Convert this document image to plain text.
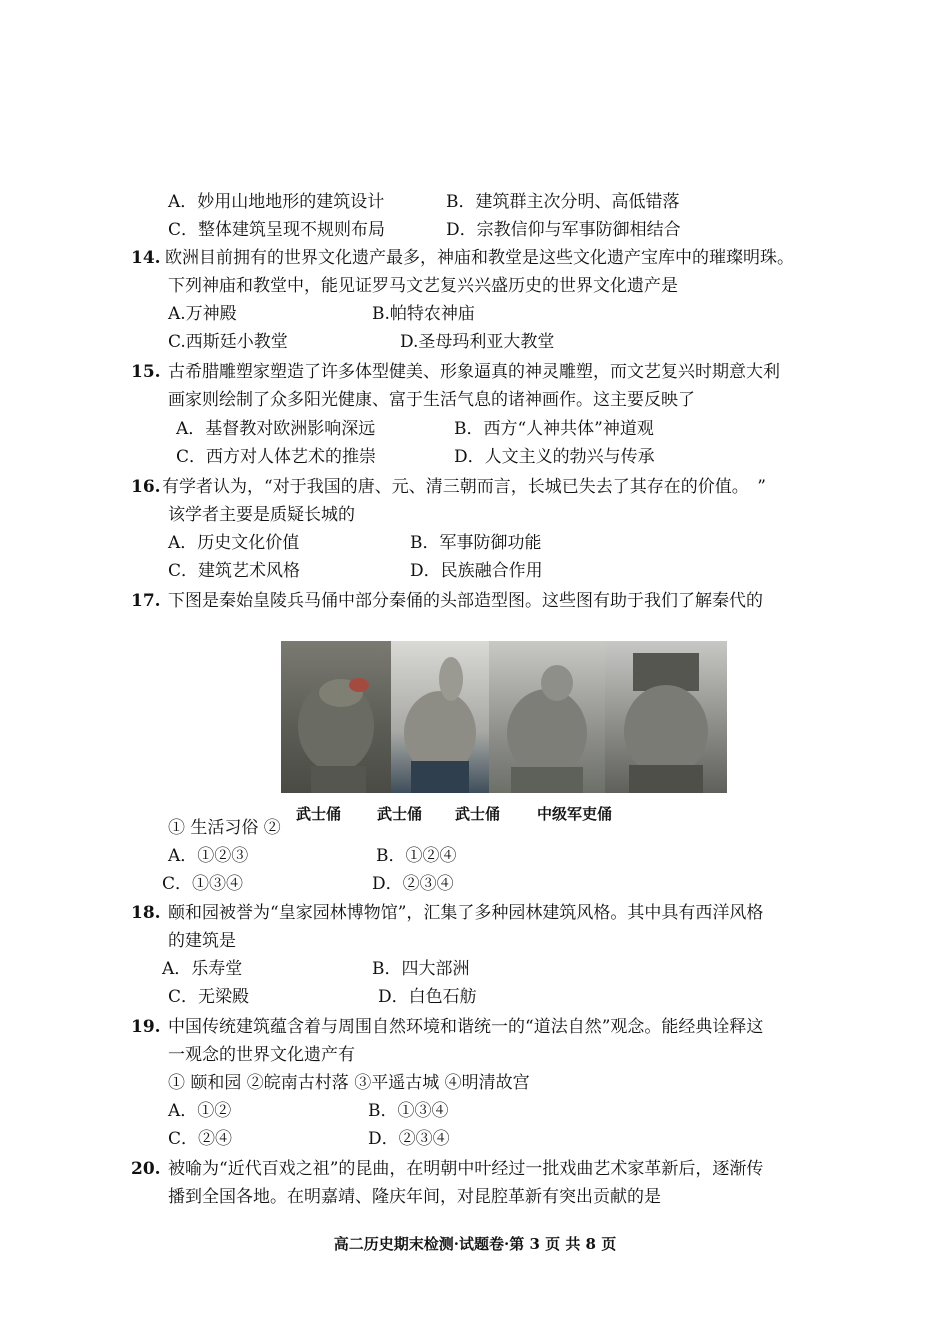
A．妙用山地地形的建筑设计	B．建筑群主次分明、高低错落
C．整体建筑呈现不规则布局	D．宗教信仰与军事防御相结合
14. 欧洲目前拥有的世界文化遗产最多，神庙和教堂是这些文化遗产宝库中的璀璨明珠。
下列神庙和教堂中，能见证罗马文艺复兴兴盛历史的世界文化遗产是
A.万神殿	B.帕特农神庙
C.西斯廷小教堂	D.圣母玛利亚大教堂
15. 古希腊雕塑家塑造了许多体型健美、形象逼真的神灵雕塑，而文艺复兴时期意大利
画家则绘制了众多阳光健康、富于生活气息的诸神画作。这主要反映了
A．基督教对欧洲影响深远	B．西方“人神共体”神道观
C．西方对人体艺术的推崇	D．人文主义的勃兴与传承
16. 有学者认为，“对于我国的唐、元、清三朝而言，长城已失去了其存在的价值。　”
该学者主要是质疑长城的
A．历史文化价值	B．军事防御功能
C．建筑艺术风格	D．民族融合作用
17. 下图是秦始皇陵兵马俑中部分秦俑的头部造型图。这些图有助于我们了解秦代的
① 生活习俗 ②
A．①②③	B．①②④
C．①③④	D．②③④
18. 颐和园被誉为“皇家园林博物馆”，汇集了多种园林建筑风格。其中具有西洋风格
的建筑是
A．乐寿堂	B．四大部洲
C．无梁殿	D．白色石舫
19. 中国传统建筑蕴含着与周围自然环境和谐统一的“道法自然”观念。能经典诠释这
一观念的世界文化遗产有
① 颐和园 ②皖南古村落 ③平遥古城 ④明清故宫
A．①②	B．①③④
C．②④	D．②③④
20. 被喻为“近代百戏之祖”的昆曲，在明朝中叶经过一批戏曲艺术家革新后，逐渐传
播到全国各地。在明嘉靖、隆庆年间，对昆腔革新有突出贡献的是
武士俑 武士俑 武士俑 中级军吏俑
高二历史期末检测·试题卷·第 3 页 共 8 页
